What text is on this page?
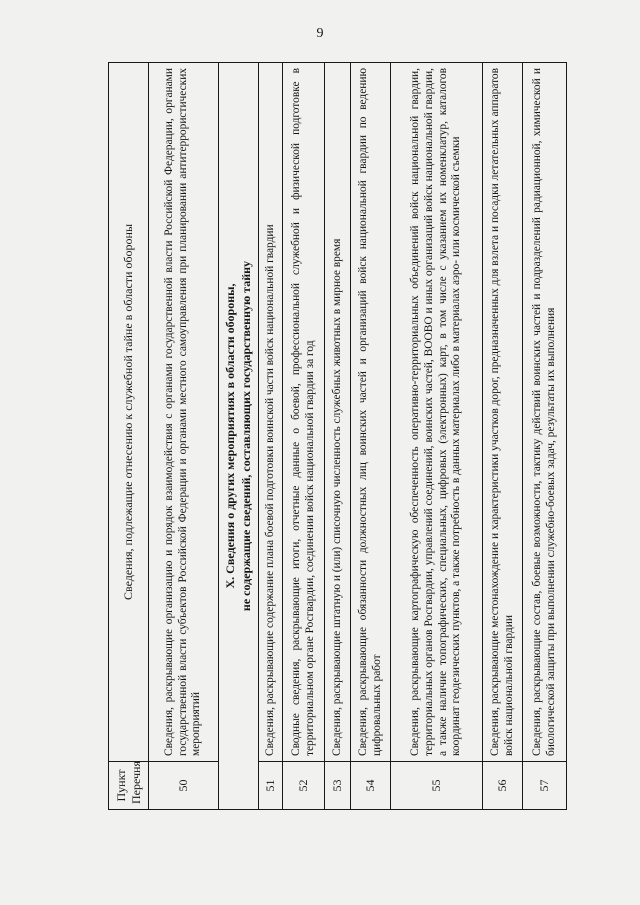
9
Пункт Перечня	Сведения, подлежащие отнесению к служебной тайне в области обороны
50	Сведения, раскрывающие организацию и порядок взаимодействия с органами государственной власти Российской Федерации, органами государственной власти субъектов Российской Федерации и органами местного самоуправления при планировании антитеррористических мероприятий

X. Сведения о других мероприятиях в области обороны, не содержащие сведений, составляющих государственную тайну	

51	Сведения, раскрывающие содержание плана боевой подготовки воинской части войск национальной гвардии
52	Сводные сведения, раскрывающие итоги, отчетные данные о боевой, профессиональной служебной и физической подготовке в территориальном органе Росгвардии, соединении войск национальной гвардии за год
53	Сведения, раскрывающие штатную и (или) списочную численность служебных животных в мирное время
54	Сведения, раскрывающие обязанности должностных лиц воинских частей и организаций войск национальной гвардии по ведению цифровальных работ
55	Сведения, раскрывающие картографическую обеспеченность оперативно-территориальных объединений войск национальной гвардии, территориальных органов Росгвардии, управлений соединений, воинских частей, ВООВО и иных организаций войск национальной гвардии, а также наличие топографических, специальных, цифровых (электронных) карт, в том числе с указанием их номенклатур, каталогов координат геодезических пунктов, а также потребность в данных материалах либо в материалах аэро- или космической съемки
56	Сведения, раскрывающие местонахождение и характеристики участков дорог, предназначенных для взлета и посадки летательных аппаратов войск национальной гвардии
57	Сведения, раскрывающие состав, боевые возможности, тактику действий воинских частей и подразделений радиационной, химической и биологической защиты при выполнении служебно-боевых задач, результаты их выполнения
